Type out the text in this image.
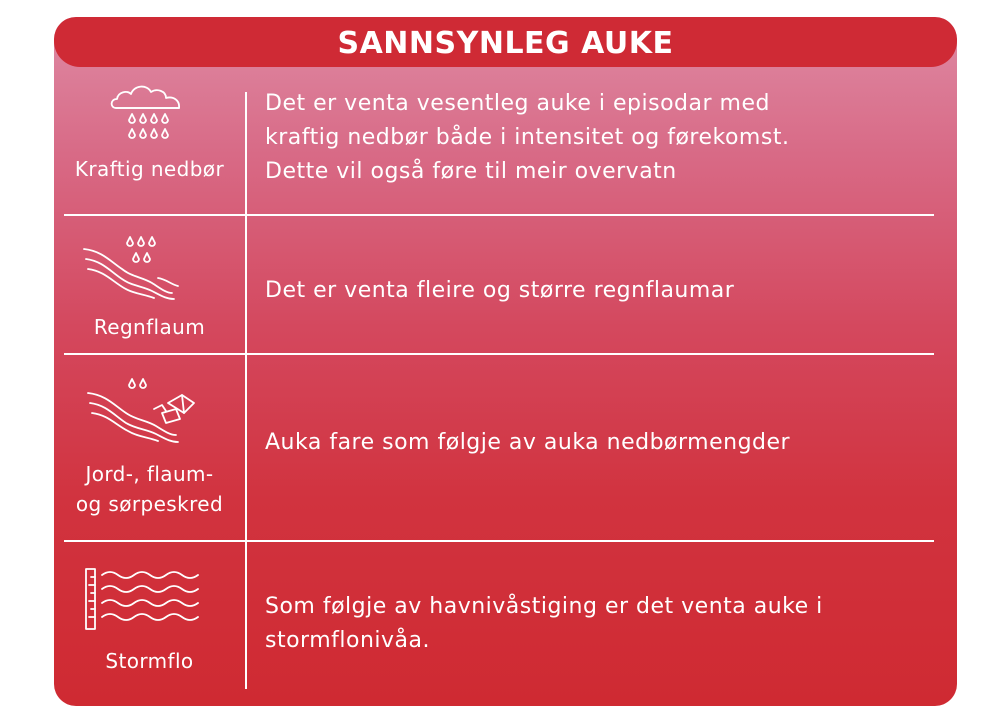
SANNSYNLEG AUKE
Kraftig nedbør
Det er venta vesentleg auke i episodar med
kraftig nedbør både i intensitet og førekomst.
Dette vil også føre til meir overvatn
Regnflaum
Det er venta fleire og større regnflaumar
Jord-, flaum-
og sørpeskred
Auka fare som følgje av auka nedbørmengder
Stormflo
Som følgje av havnivåstiging er det venta auke i
stormflonivåa.
